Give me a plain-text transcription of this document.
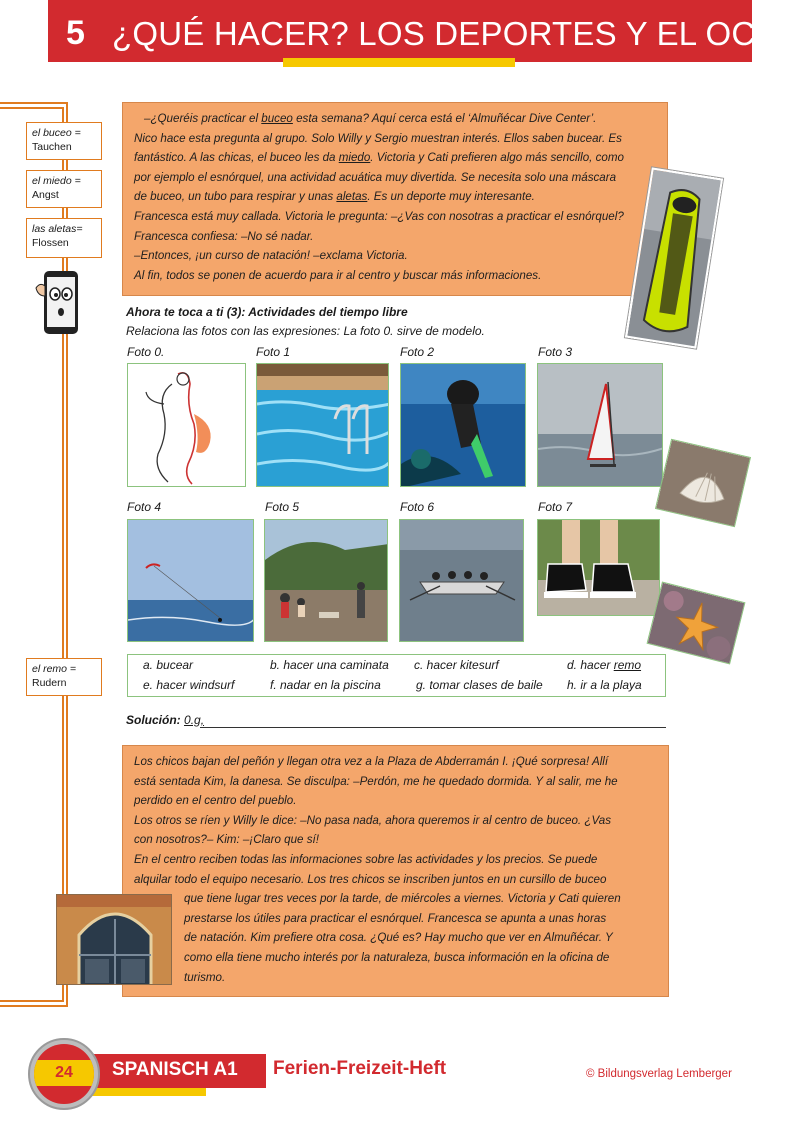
5 ¿QUÉ HACER? LOS DEPORTES Y EL OCIO
el buceo =
Tauchen
el miedo =
Angst
las aletas=
Flossen
el remo =
Rudern

–¿Queréis practicar el buceo esta semana? Aquí cerca está el ‘Almuñécar Dive Center’.

Nico hace esta pregunta al grupo. Solo Willy y Sergio muestran interés. Ellos saben bucear. Es

fantástico. A las chicas, el buceo les da miedo. Victoria y Cati prefieren algo más sencillo, como

por ejemplo el esnórquel, una actividad acuática muy divertida. Se necesita solo una máscara

de buceo, un tubo para respirar y unas aletas. Es un deporte muy interesante.

Francesca está muy callada. Victoria le pregunta: –¿Vas con nosotras a practicar el esnórquel?

Francesca confiesa: –No sé nadar.

–Entonces, ¡un curso de natación! –exclama Victoria.

Al fin, todos se ponen de acuerdo para ir al centro y buscar más informaciones.

Ahora te toca a ti (3): Actividades del tiempo libre
Relaciona las fotos con las expresiones: La foto 0. sirve de modelo.
Foto 0.	Foto 1	Foto 2	Foto 3
Foto 4	Foto 5	Foto 6	Foto 7
a. bucear	b. hacer una caminata c. hacer kitesurf	d. hacer remo
e. hacer windsurf	f. nadar en la piscina	g. tomar clases de baile h. ir a la playa
Solución: 0.g,

Los chicos bajan del peñón y llegan otra vez a la Plaza de Abderramán I. ¡Qué sorpresa! Allí

está sentada Kim, la danesa. Se disculpa: –Perdón, me he quedado dormida. Y al salir, me he

perdido en el centro del pueblo.

Los otros se ríen y Willy le dice: –No pasa nada, ahora queremos ir al centro de buceo. ¿Vas

con nosotros?– Kim: –¡Claro que sí!

En el centro reciben todas las informaciones sobre las actividades y los precios. Se puede

alquilar todo el equipo necesario. Los tres chicos se inscriben juntos en un cursillo de buceo

que tiene lugar tres veces por la tarde, de miércoles a viernes. Victoria y Cati quieren

prestarse los útiles para practicar el esnórquel. Francesca se apunta a unas horas

de natación. Kim prefiere otra cosa. ¿Qué es? Hay mucho que ver en Almuñécar. Y

como ella tiene mucho interés por la naturaleza, busca información en la oficina de

turismo.

24	SPANISCH A1 Ferien-Freizeit-Heft	© Bildungsverlag Lemberger
